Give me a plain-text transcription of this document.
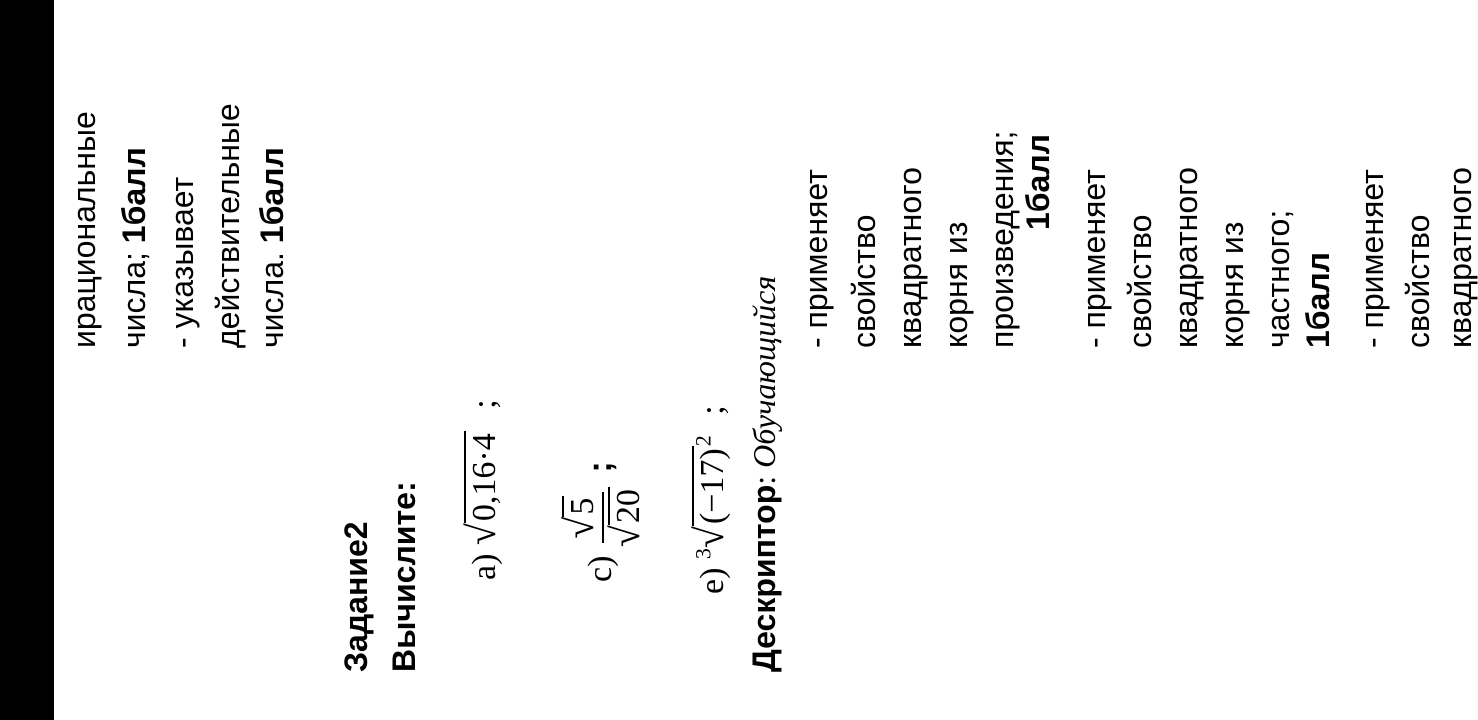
ирациональные числа; 1балл - указывает действительные числа. 1балл
Задание2 Вычислите: а) √0,16·4 ;
с)
√5
√20
;
е) $^3√(-17)^2$ ;
Дескриптор: Обучающийся
- применяет свойство квадратного корня из произведения; 1балл - применяет свойство квадратного корня из частного; 1балл - применяет свойство квадратного
